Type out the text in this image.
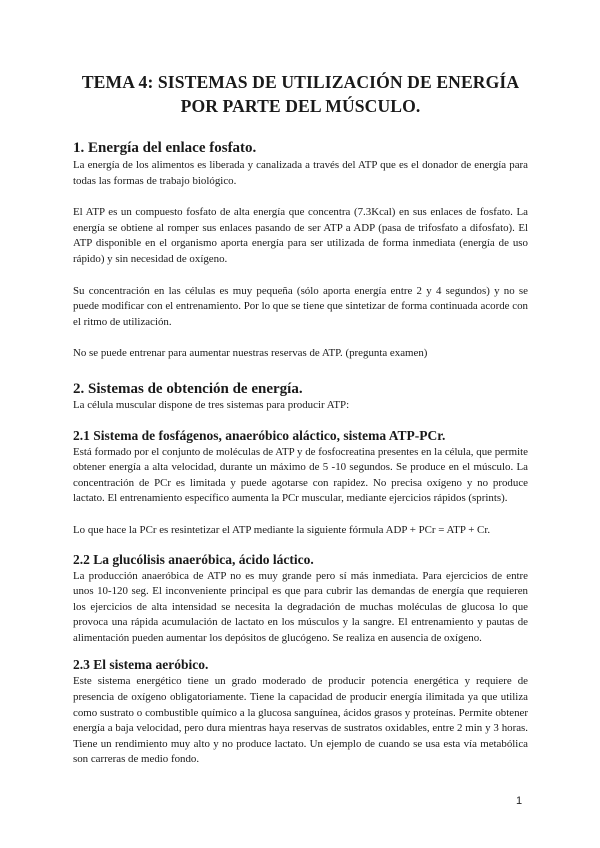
TEMA 4: SISTEMAS DE UTILIZACIÓN DE ENERGÍA
POR PARTE DEL MÚSCULO.
1. Energía del enlace fosfato.

La energía de los alimentos es liberada y canalizada a través del ATP que es el donador de energía para todas las formas de trabajo biológico.

El ATP es un compuesto fosfato de alta energía que concentra (7.3Kcal) en sus enlaces de fosfato. La energía se obtiene al romper sus enlaces pasando de ser ATP a ADP (pasa de trifosfato a difosfato). El ATP disponible en el organismo aporta energía para ser utilizada de forma inmediata (energía de uso rápido) y sin necesidad de oxígeno.

Su concentración en las células es muy pequeña (sólo aporta energía entre 2 y 4 segundos) y no se puede modificar con el entrenamiento. Por lo que se tiene que sintetizar de forma continuada acorde con el ritmo de utilización.

No se puede entrenar para aumentar nuestras reservas de ATP. (pregunta examen)

2. Sistemas de obtención de energía.

La célula muscular dispone de tres sistemas para producir ATP:

2.1 Sistema de fosfágenos, anaeróbico aláctico, sistema ATP-PCr.

Está formado por el conjunto de moléculas de ATP y de fosfocreatina presentes en la célula, que permite obtener energía a alta velocidad, durante un máximo de 5 -10 segundos. Se produce en el músculo. La concentración de PCr es limitada y puede agotarse con rapidez. No precisa oxígeno y no produce lactato. El entrenamiento específico aumenta la PCr muscular, mediante ejercicios rápidos (sprints).

Lo que hace la PCr es resintetizar el ATP mediante la siguiente fórmula ADP + PCr = ATP + Cr.

2.2 La glucólisis anaeróbica, ácido láctico.

La producción anaeróbica de ATP no es muy grande pero sí más inmediata. Para ejercicios de entre unos 10-120 seg. El inconveniente principal es que para cubrir las demandas de energía que requieren los ejercicios de alta intensidad se necesita la degradación de muchas moléculas de glucosa lo que provoca una rápida acumulación de lactato en los músculos y la sangre. El entrenamiento y pautas de alimentación pueden aumentar los depósitos de glucógeno. Se realiza en ausencia de oxígeno.

2.3 El sistema aeróbico.

Este sistema energético tiene un grado moderado de producir potencia energética y requiere de presencia de oxígeno obligatoriamente. Tiene la capacidad de producir energía ilimitada ya que utiliza como sustrato o combustible químico a la glucosa sanguínea, ácidos grasos y proteínas. Permite obtener energía a baja velocidad, pero dura mientras haya reservas de sustratos oxidables, entre 2 min y 3 horas. Tiene un rendimiento muy alto y no produce lactato. Un ejemplo de cuando se usa esta vía metabólica son carreras de medio fondo.

1
